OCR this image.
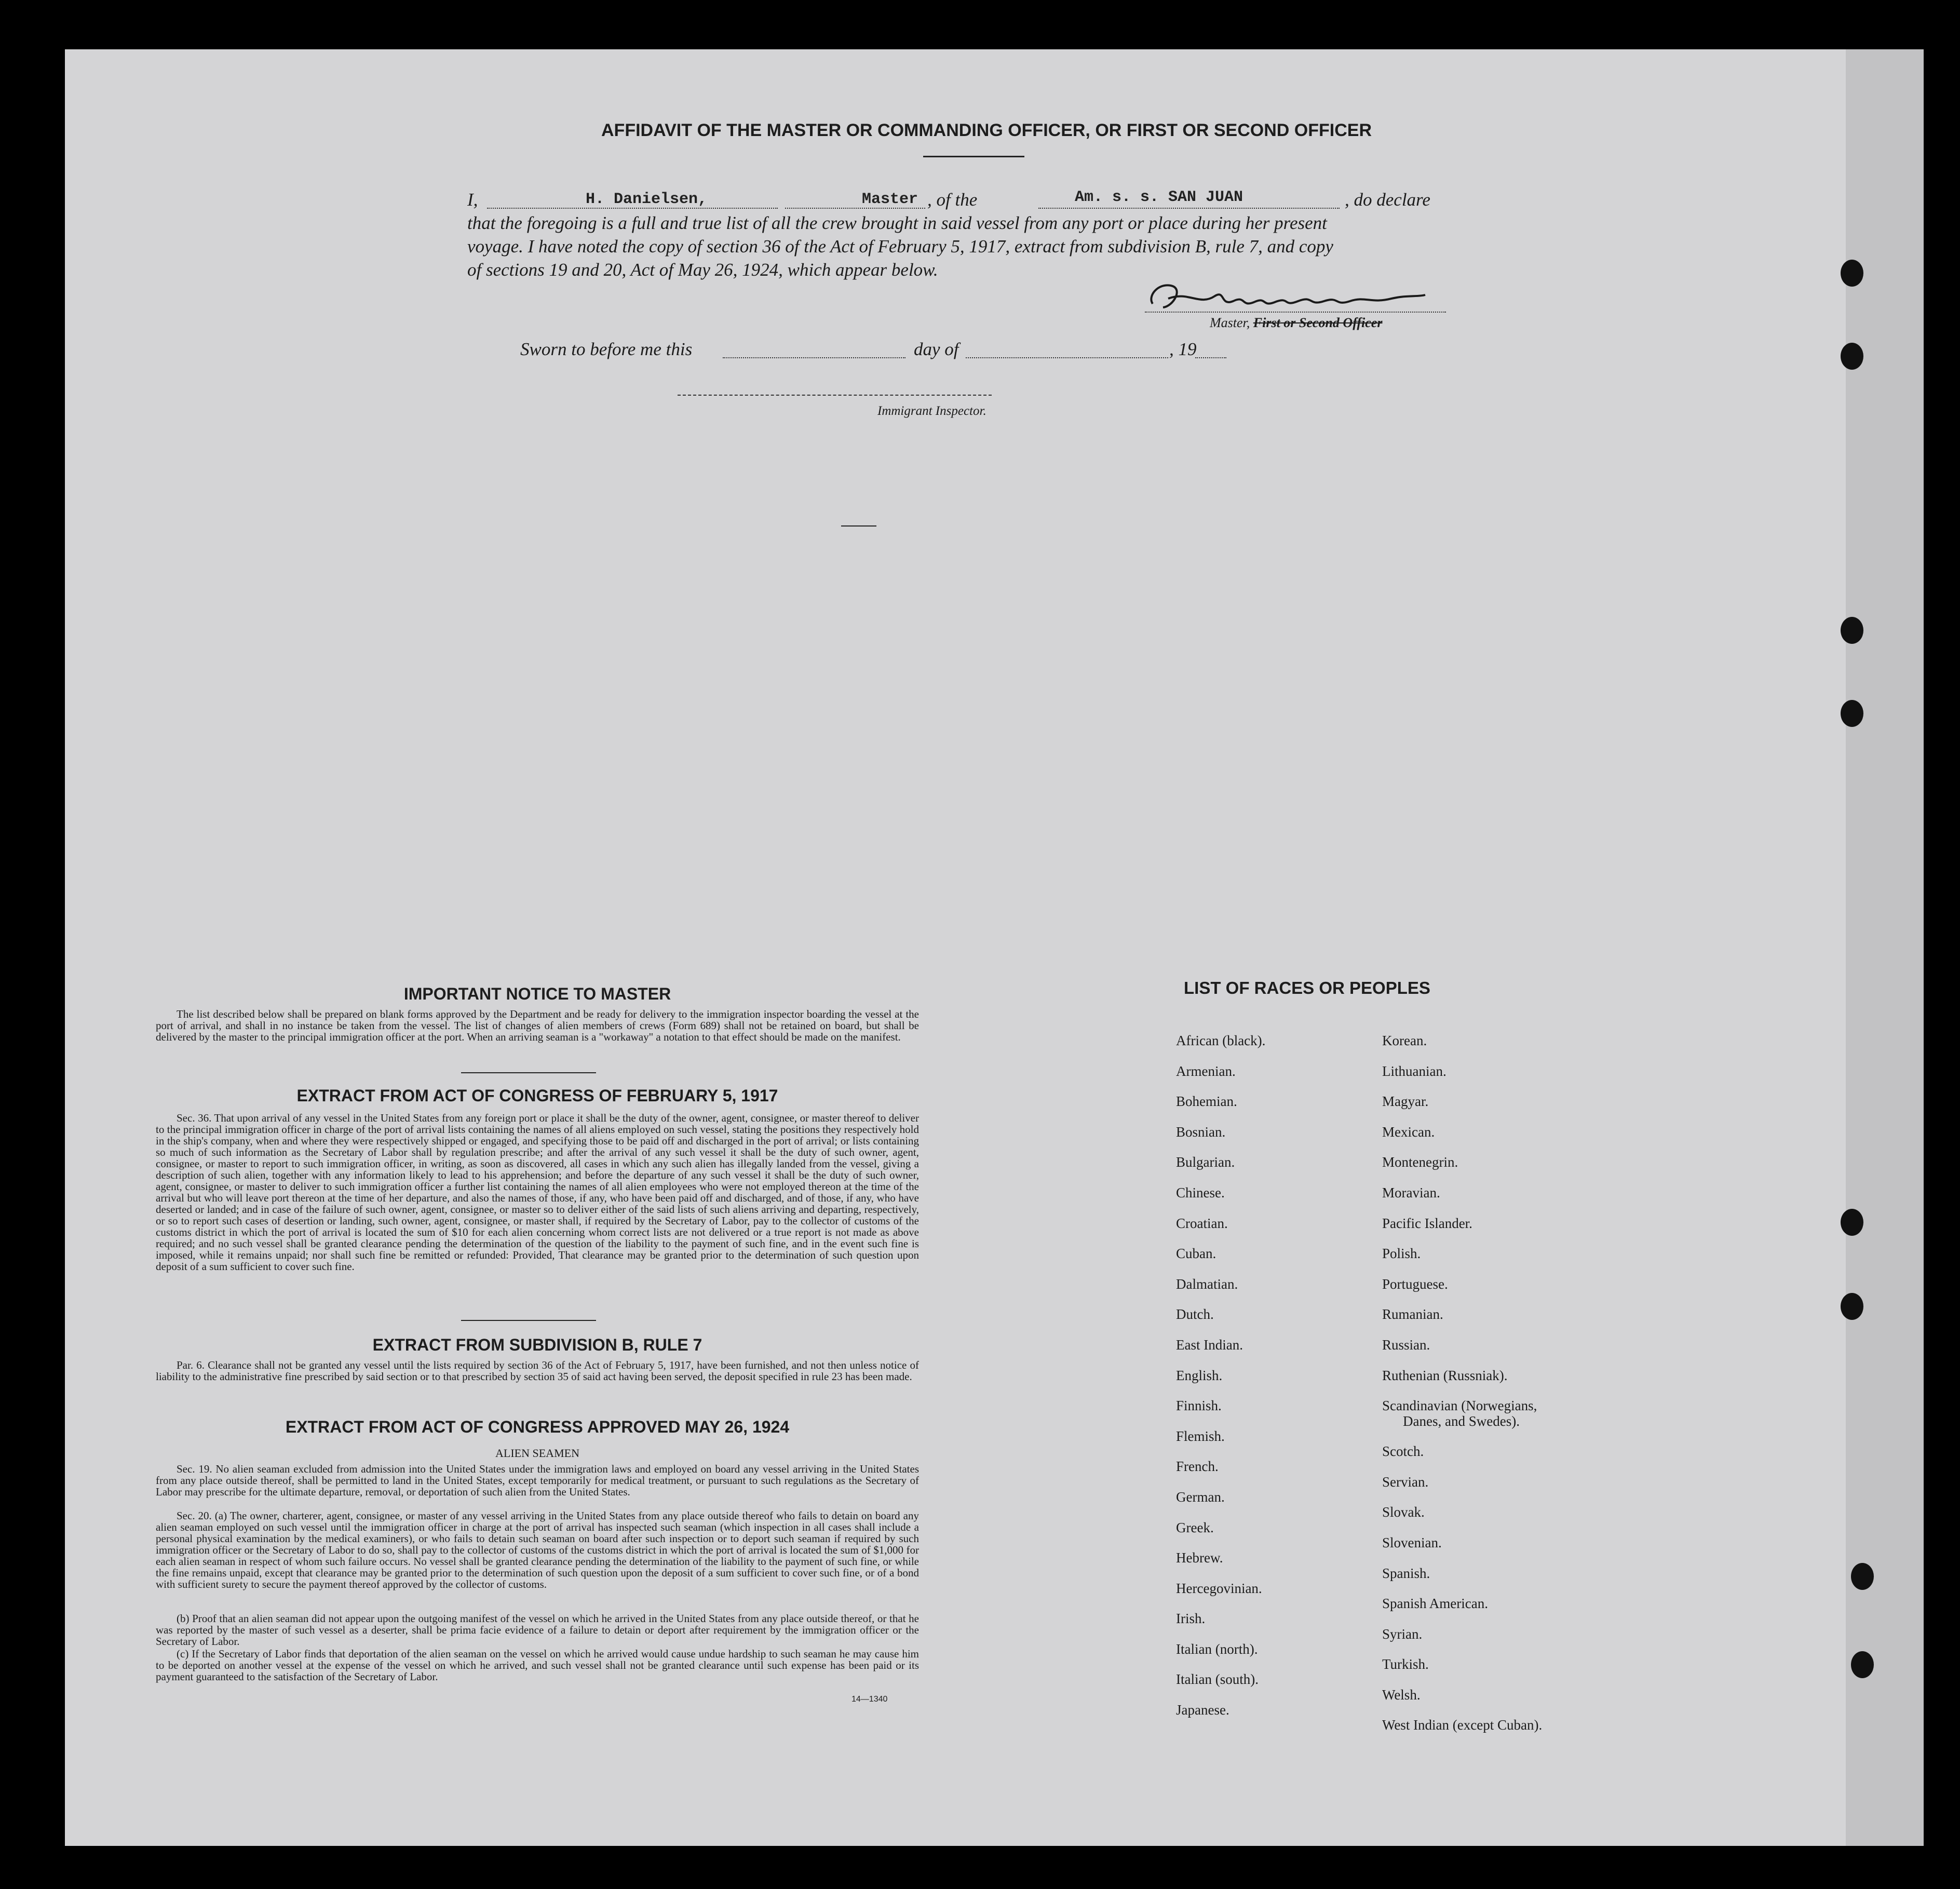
AFFIDAVIT OF THE MASTER OR COMMANDING OFFICER, OR FIRST OR SECOND OFFICER
I,	H. Danielsen,	Master , of the	Am. s. s. SAN JUAN	, do declare
that the foregoing is a full and true list of all the crew brought in said vessel from any port or place during her present
voyage. I have noted the copy of section 36 of the Act of February 5, 1917, extract from subdivision B, rule 7, and copy
of sections 19 and 20, Act of May 26, 1924, which appear below.
Master, First or Second Officer
Sworn to before me this	day of	, 19
Immigrant Inspector.
IMPORTANT NOTICE TO MASTER
The list described below shall be prepared on blank forms approved by the Department and be ready for delivery to the immigration inspector boarding the vessel at the port of arrival, and shall in no instance be taken from the vessel. The list of changes of alien members of crews (Form 689) shall not be retained on board, but shall be delivered by the master to the principal immigration officer at the port. When an arriving seaman is a "workaway" a notation to that effect should be made on the manifest.
EXTRACT FROM ACT OF CONGRESS OF FEBRUARY 5, 1917
Sec. 36. That upon arrival of any vessel in the United States from any foreign port or place it shall be the duty of the owner, agent, consignee, or master thereof to deliver to the principal immigration officer in charge of the port of arrival lists containing the names of all aliens employed on such vessel, stating the positions they respectively hold in the ship's company, when and where they were respectively shipped or engaged, and specifying those to be paid off and discharged in the port of arrival; or lists containing so much of such information as the Secretary of Labor shall by regulation prescribe; and after the arrival of any such vessel it shall be the duty of such owner, agent, consignee, or master to report to such immigration officer, in writing, as soon as discovered, all cases in which any such alien has illegally landed from the vessel, giving a description of such alien, together with any information likely to lead to his apprehension; and before the departure of any such vessel it shall be the duty of such owner, agent, consignee, or master to deliver to such immigration officer a further list containing the names of all alien employees who were not employed thereon at the time of the arrival but who will leave port thereon at the time of her departure, and also the names of those, if any, who have been paid off and discharged, and of those, if any, who have deserted or landed; and in case of the failure of such owner, agent, consignee, or master so to deliver either of the said lists of such aliens arriving and departing, respectively, or so to report such cases of desertion or landing, such owner, agent, consignee, or master shall, if required by the Secretary of Labor, pay to the collector of customs of the customs district in which the port of arrival is located the sum of $10 for each alien concerning whom correct lists are not delivered or a true report is not made as above required; and no such vessel shall be granted clearance pending the determination of the question of the liability to the payment of such fine, and in the event such fine is imposed, while it remains unpaid; nor shall such fine be remitted or refunded: Provided, That clearance may be granted prior to the determination of such question upon deposit of a sum sufficient to cover such fine.
EXTRACT FROM SUBDIVISION B, RULE 7
Par. 6. Clearance shall not be granted any vessel until the lists required by section 36 of the Act of February 5, 1917, have been furnished, and not then unless notice of liability to the administrative fine prescribed by said section or to that prescribed by section 35 of said act having been served, the deposit specified in rule 23 has been made.
EXTRACT FROM ACT OF CONGRESS APPROVED MAY 26, 1924
ALIEN SEAMEN
Sec. 19. No alien seaman excluded from admission into the United States under the immigration laws and employed on board any vessel arriving in the United States from any place outside thereof, shall be permitted to land in the United States, except temporarily for medical treatment, or pursuant to such regulations as the Secretary of Labor may prescribe for the ultimate departure, removal, or deportation of such alien from the United States.
Sec. 20. (a) The owner, charterer, agent, consignee, or master of any vessel arriving in the United States from any place outside thereof who fails to detain on board any alien seaman employed on such vessel until the immigration officer in charge at the port of arrival has inspected such seaman (which inspection in all cases shall include a personal physical examination by the medical examiners), or who fails to detain such seaman on board after such inspection or to deport such seaman if required by such immigration officer or the Secretary of Labor to do so, shall pay to the collector of customs of the customs district in which the port of arrival is located the sum of $1,000 for each alien seaman in respect of whom such failure occurs. No vessel shall be granted clearance pending the determination of the liability to the payment of such fine, or while the fine remains unpaid, except that clearance may be granted prior to the determination of such question upon the deposit of a sum sufficient to cover such fine, or of a bond with sufficient surety to secure the payment thereof approved by the collector of customs.
(b) Proof that an alien seaman did not appear upon the outgoing manifest of the vessel on which he arrived in the United States from any place outside thereof, or that he was reported by the master of such vessel as a deserter, shall be prima facie evidence of a failure to detain or deport after requirement by the immigration officer or the Secretary of Labor.
(c) If the Secretary of Labor finds that deportation of the alien seaman on the vessel on which he arrived would cause undue hardship to such seaman he may cause him to be deported on another vessel at the expense of the vessel on which he arrived, and such vessel shall not be granted clearance until such expense has been paid or its payment guaranteed to the satisfaction of the Secretary of Labor.
14—1340
LIST OF RACES OR PEOPLES
African (black).
Armenian.
Bohemian.
Bosnian.
Bulgarian.
Chinese.
Croatian.
Cuban.
Dalmatian.
Dutch.
East Indian.
English.
Finnish.
Flemish.
French.
German.
Greek.
Hebrew.
Hercegovinian.
Irish.
Italian (north).
Italian (south).
Japanese.
Korean.
Lithuanian.
Magyar.
Mexican.
Montenegrin.
Moravian.
Pacific Islander.
Polish.
Portuguese.
Rumanian.
Russian.
Ruthenian (Russniak).
Scandinavian (Norwegians,
Danes, and Swedes).
Scotch.
Servian.
Slovak.
Slovenian.
Spanish.
Spanish American.
Syrian.
Turkish.
Welsh.
West Indian (except Cuban).
